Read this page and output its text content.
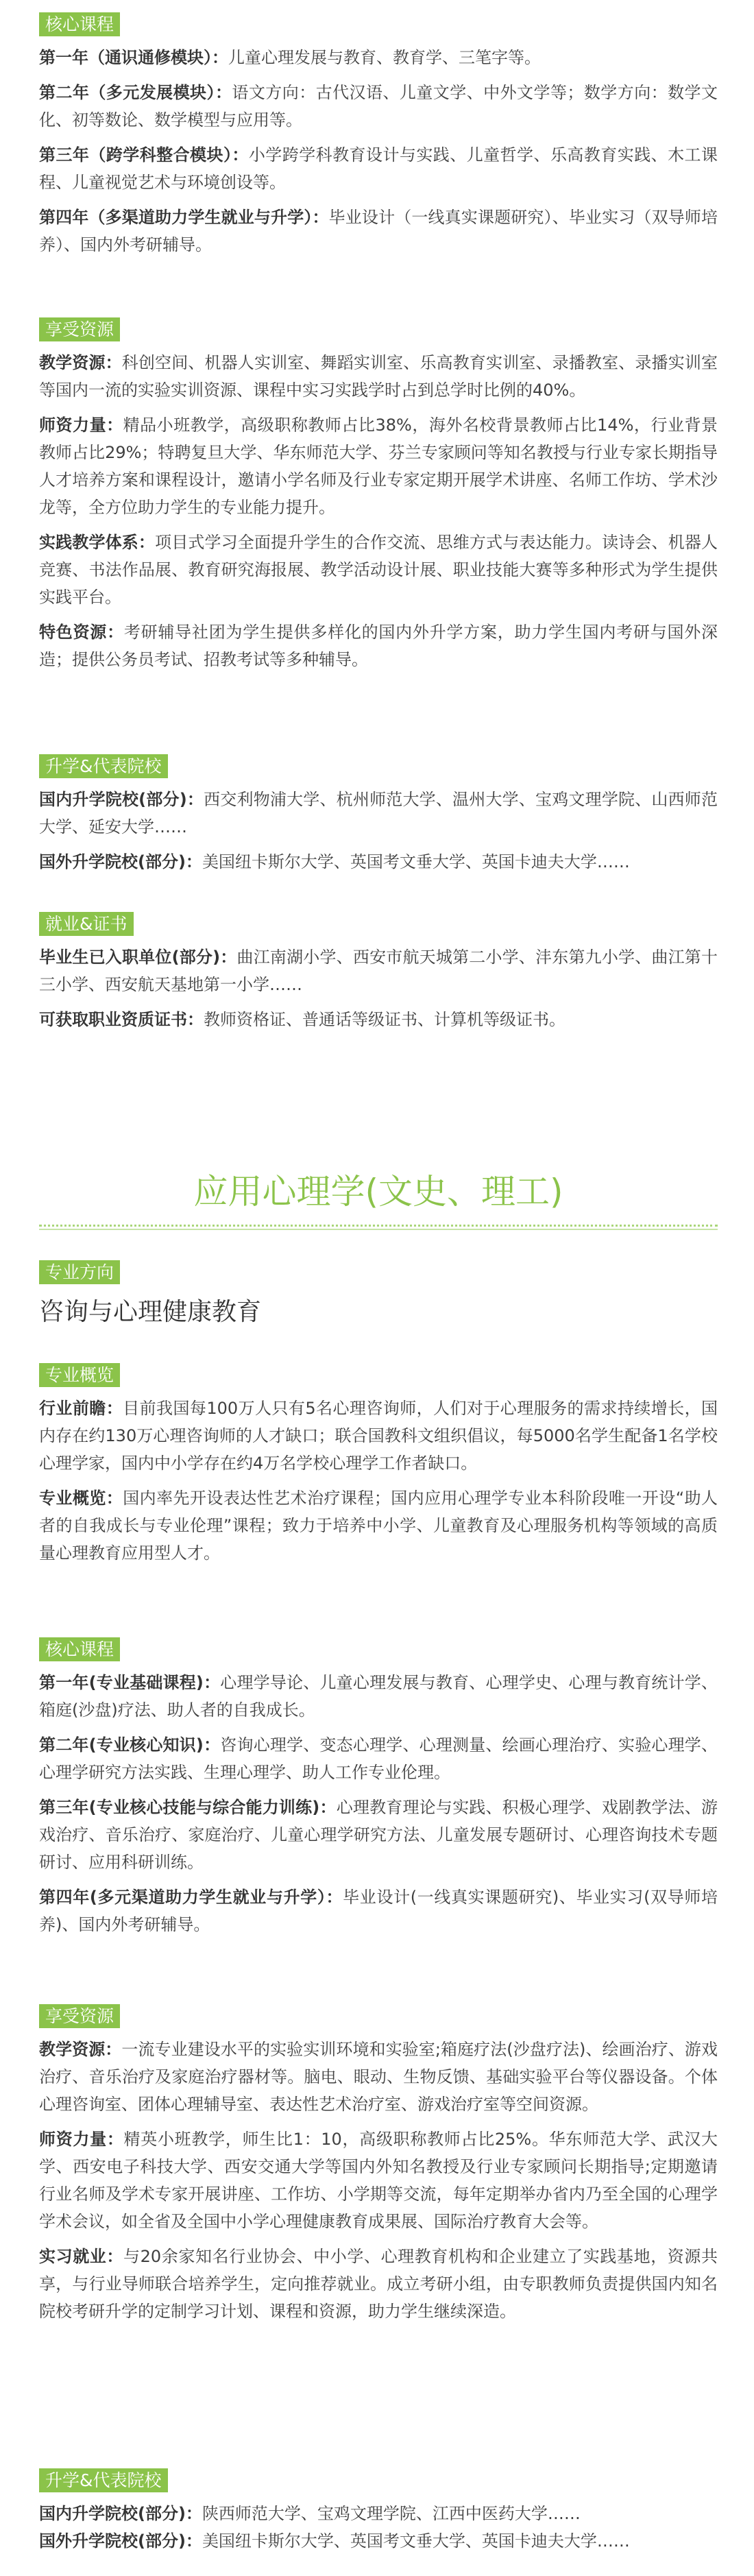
核心课程

第一年（通识通修模块）：儿童心理发展与教育、教育学、三笔字等。

第二年（多元发展模块）：语文方向：古代汉语、儿童文学、中外文学等；数学方向：数学文化、初等数论、数学模型与应用等。

第三年（跨学科整合模块）：小学跨学科教育设计与实践、儿童哲学、乐高教育实践、木工课程、儿童视觉艺术与环境创设等。

第四年（多渠道助力学生就业与升学）：毕业设计（一线真实课题研究）、毕业实习（双导师培养）、国内外考研辅导。

享受资源

教学资源：科创空间、机器人实训室、舞蹈实训室、乐高教育实训室、录播教室、录播实训室等国内一流的实验实训资源、课程中实习实践学时占到总学时比例的40%。

师资力量：精品小班教学，高级职称教师占比38%，海外名校背景教师占比14%，行业背景教师占比29%；特聘复旦大学、华东师范大学、芬兰专家顾问等知名教授与行业专家长期指导人才培养方案和课程设计，邀请小学名师及行业专家定期开展学术讲座、名师工作坊、学术沙龙等，全方位助力学生的专业能力提升。

实践教学体系：项目式学习全面提升学生的合作交流、思维方式与表达能力。读诗会、机器人竞赛、书法作品展、教育研究海报展、教学活动设计展、职业技能大赛等多种形式为学生提供实践平台。

特色资源：考研辅导社团为学生提供多样化的国内外升学方案，助力学生国内考研与国外深造；提供公务员考试、招教考试等多种辅导。

升学&代表院校

国内升学院校(部分)：西交利物浦大学、杭州师范大学、温州大学、宝鸡文理学院、山西师范大学、延安大学……

国外升学院校(部分)：美国纽卡斯尔大学、英国考文垂大学、英国卡迪夫大学……

就业&证书

毕业生已入职单位(部分)：曲江南湖小学、西安市航天城第二小学、沣东第九小学、曲江第十三小学、西安航天基地第一小学……

可获取职业资质证书：教师资格证、普通话等级证书、计算机等级证书。

应用心理学(文史、理工)
专业方向
咨询与心理健康教育
专业概览

行业前瞻：目前我国每100万人只有5名心理咨询师，人们对于心理服务的需求持续增长，国内存在约130万心理咨询师的人才缺口；联合国教科文组织倡议，每5000名学生配备1名学校心理学家，国内中小学存在约4万名学校心理学工作者缺口。

专业概览：国内率先开设表达性艺术治疗课程；国内应用心理学专业本科阶段唯一开设“助人者的自我成长与专业伦理”课程；致力于培养中小学、儿童教育及心理服务机构等领域的高质量心理教育应用型人才。

核心课程

第一年(专业基础课程)：心理学导论、儿童心理发展与教育、心理学史、心理与教育统计学、箱庭(沙盘)疗法、助人者的自我成长。

第二年(专业核心知识)：咨询心理学、变态心理学、心理测量、绘画心理治疗、实验心理学、心理学研究方法实践、生理心理学、助人工作专业伦理。

第三年(专业核心技能与综合能力训练)：心理教育理论与实践、积极心理学、戏剧教学法、游戏治疗、音乐治疗、家庭治疗、儿童心理学研究方法、儿童发展专题研讨、心理咨询技术专题研讨、应用科研训练。

第四年(多元渠道助力学生就业与升学）：毕业设计(一线真实课题研究)、毕业实习(双导师培养)、国内外考研辅导。

享受资源

教学资源：一流专业建设水平的实验实训环境和实验室;箱庭疗法(沙盘疗法)、绘画治疗、游戏治疗、音乐治疗及家庭治疗器材等。脑电、眼动、生物反馈、基础实验平台等仪器设备。个体心理咨询室、团体心理辅导室、表达性艺术治疗室、游戏治疗室等空间资源。

师资力量：精英小班教学，师生比1：10，高级职称教师占比25%。华东师范大学、武汉大学、西安电子科技大学、西安交通大学等国内外知名教授及行业专家顾问长期指导;定期邀请行业名师及学术专家开展讲座、工作坊、小学期等交流，每年定期举办省内乃至全国的心理学学术会议，如全省及全国中小学心理健康教育成果展、国际治疗教育大会等。

实习就业：与20余家知名行业协会、中小学、心理教育机构和企业建立了实践基地，资源共享，与行业导师联合培养学生，定向推荐就业。成立考研小组，由专职教师负责提供国内知名院校考研升学的定制学习计划、课程和资源，助力学生继续深造。

升学&代表院校

国内升学院校(部分)：陕西师范大学、宝鸡文理学院、江西中医药大学……

国外升学院校(部分)：美国纽卡斯尔大学、英国考文垂大学、英国卡迪夫大学……
